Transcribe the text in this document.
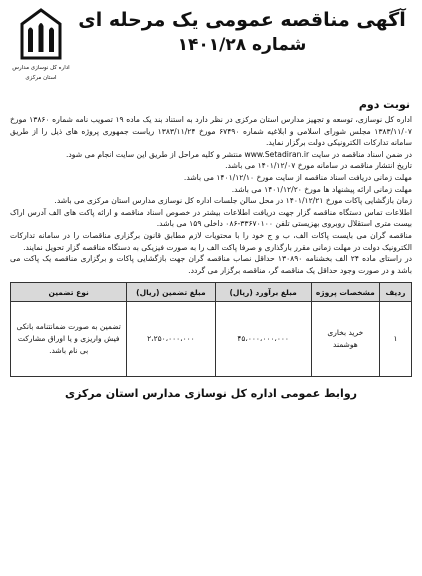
آگهی مناقصه عمومی یک مرحله ای
شماره ۱۴۰۱/۲۸
اداره کل نوسازی مدارس
استان مرکزی
نوبت دوم

اداره کل نوسازی، توسعه و تجهیز مدارس استان مرکزی در نظر دارد به استناد بند یک ماده ۱۹ تصویب نامه شماره ۱۳۸۶۰ مورخ ۱۳۸۳/۱۱/۰۷ مجلس شورای اسلامی و ابلاغیه شماره ۶۷۴۹۰ مورخ ۱۳۸۳/۱۱/۲۴ ریاست جمهوری پروژه های ذیل را از طریق سامانه تدارکات الکترونیکی دولت برگزار نماید.

در ضمن اسناد مناقصه در سایت www.Setadiran.ir منتشر و کلیه مراحل از طریق این سایت انجام می شود.

تاریخ انتشار مناقصه در سامانه مورخ ۱۴۰۱/۱۲/۰۷ می باشد.

مهلت زمانی دریافت اسناد مناقصه از سایت مورخ ۱۴۰۱/۱۲/۱۰ می باشد.

مهلت زمانی ارائه پیشنهاد ها مورخ ۱۴۰۱/۱۲/۲۰ می باشد.

زمان بازگشایی پاکات مورخ ۱۴۰۱/۱۲/۲۱ در محل سالن جلسات اداره کل نوسازی مدارس استان مرکزی می باشد.

اطلاعات تماس دستگاه مناقصه گزار جهت دریافت اطلاعات بیشتر در خصوص اسناد مناقصه و ارائه پاکت های الف آدرس اراک بیست متری استقلال روبروی بهزیستی تلفن ۳۳۶۷۰۱۰۰-۰۸۶ داخلی ۱۵۹ می باشد.

مناقصه گران می بایست پاکات الف، ب و ج خود را با محتویات لازم مطابق قانون برگزاری مناقصات را در سامانه تدارکات الکترونیک دولت در مهلت زمانی مقرر بارگذاری و صرفا پاکت الف را به صورت فیزیکی به دستگاه مناقصه گزار تحویل نمایند.

در راستای ماده ۲۴ الف بخشنامه ۱۳۰۸۹۰ حداقل نصاب مناقصه گران جهت بازگشایی پاکات و برگزاری مناقصه یک پاکت می باشد و در صورت وجود حداقل یک مناقصه گر، مناقصه برگزار می گردد.

ردیف	مشخصات پروژه	مبلغ برآورد (ریال)	مبلغ تضمین (ریال)	نوع تضمین
۱	خرید بخاری هوشمند	۴۵،۰۰۰،۰۰۰،۰۰۰	۲،۲۵۰،۰۰۰،۰۰۰	تضمین به صورت ضمانتنامه بانکی فیش واریزی و یا اوراق مشارکت بی نام باشد.
روابط عمومی اداره کل نوسازی مدارس استان مرکزی
